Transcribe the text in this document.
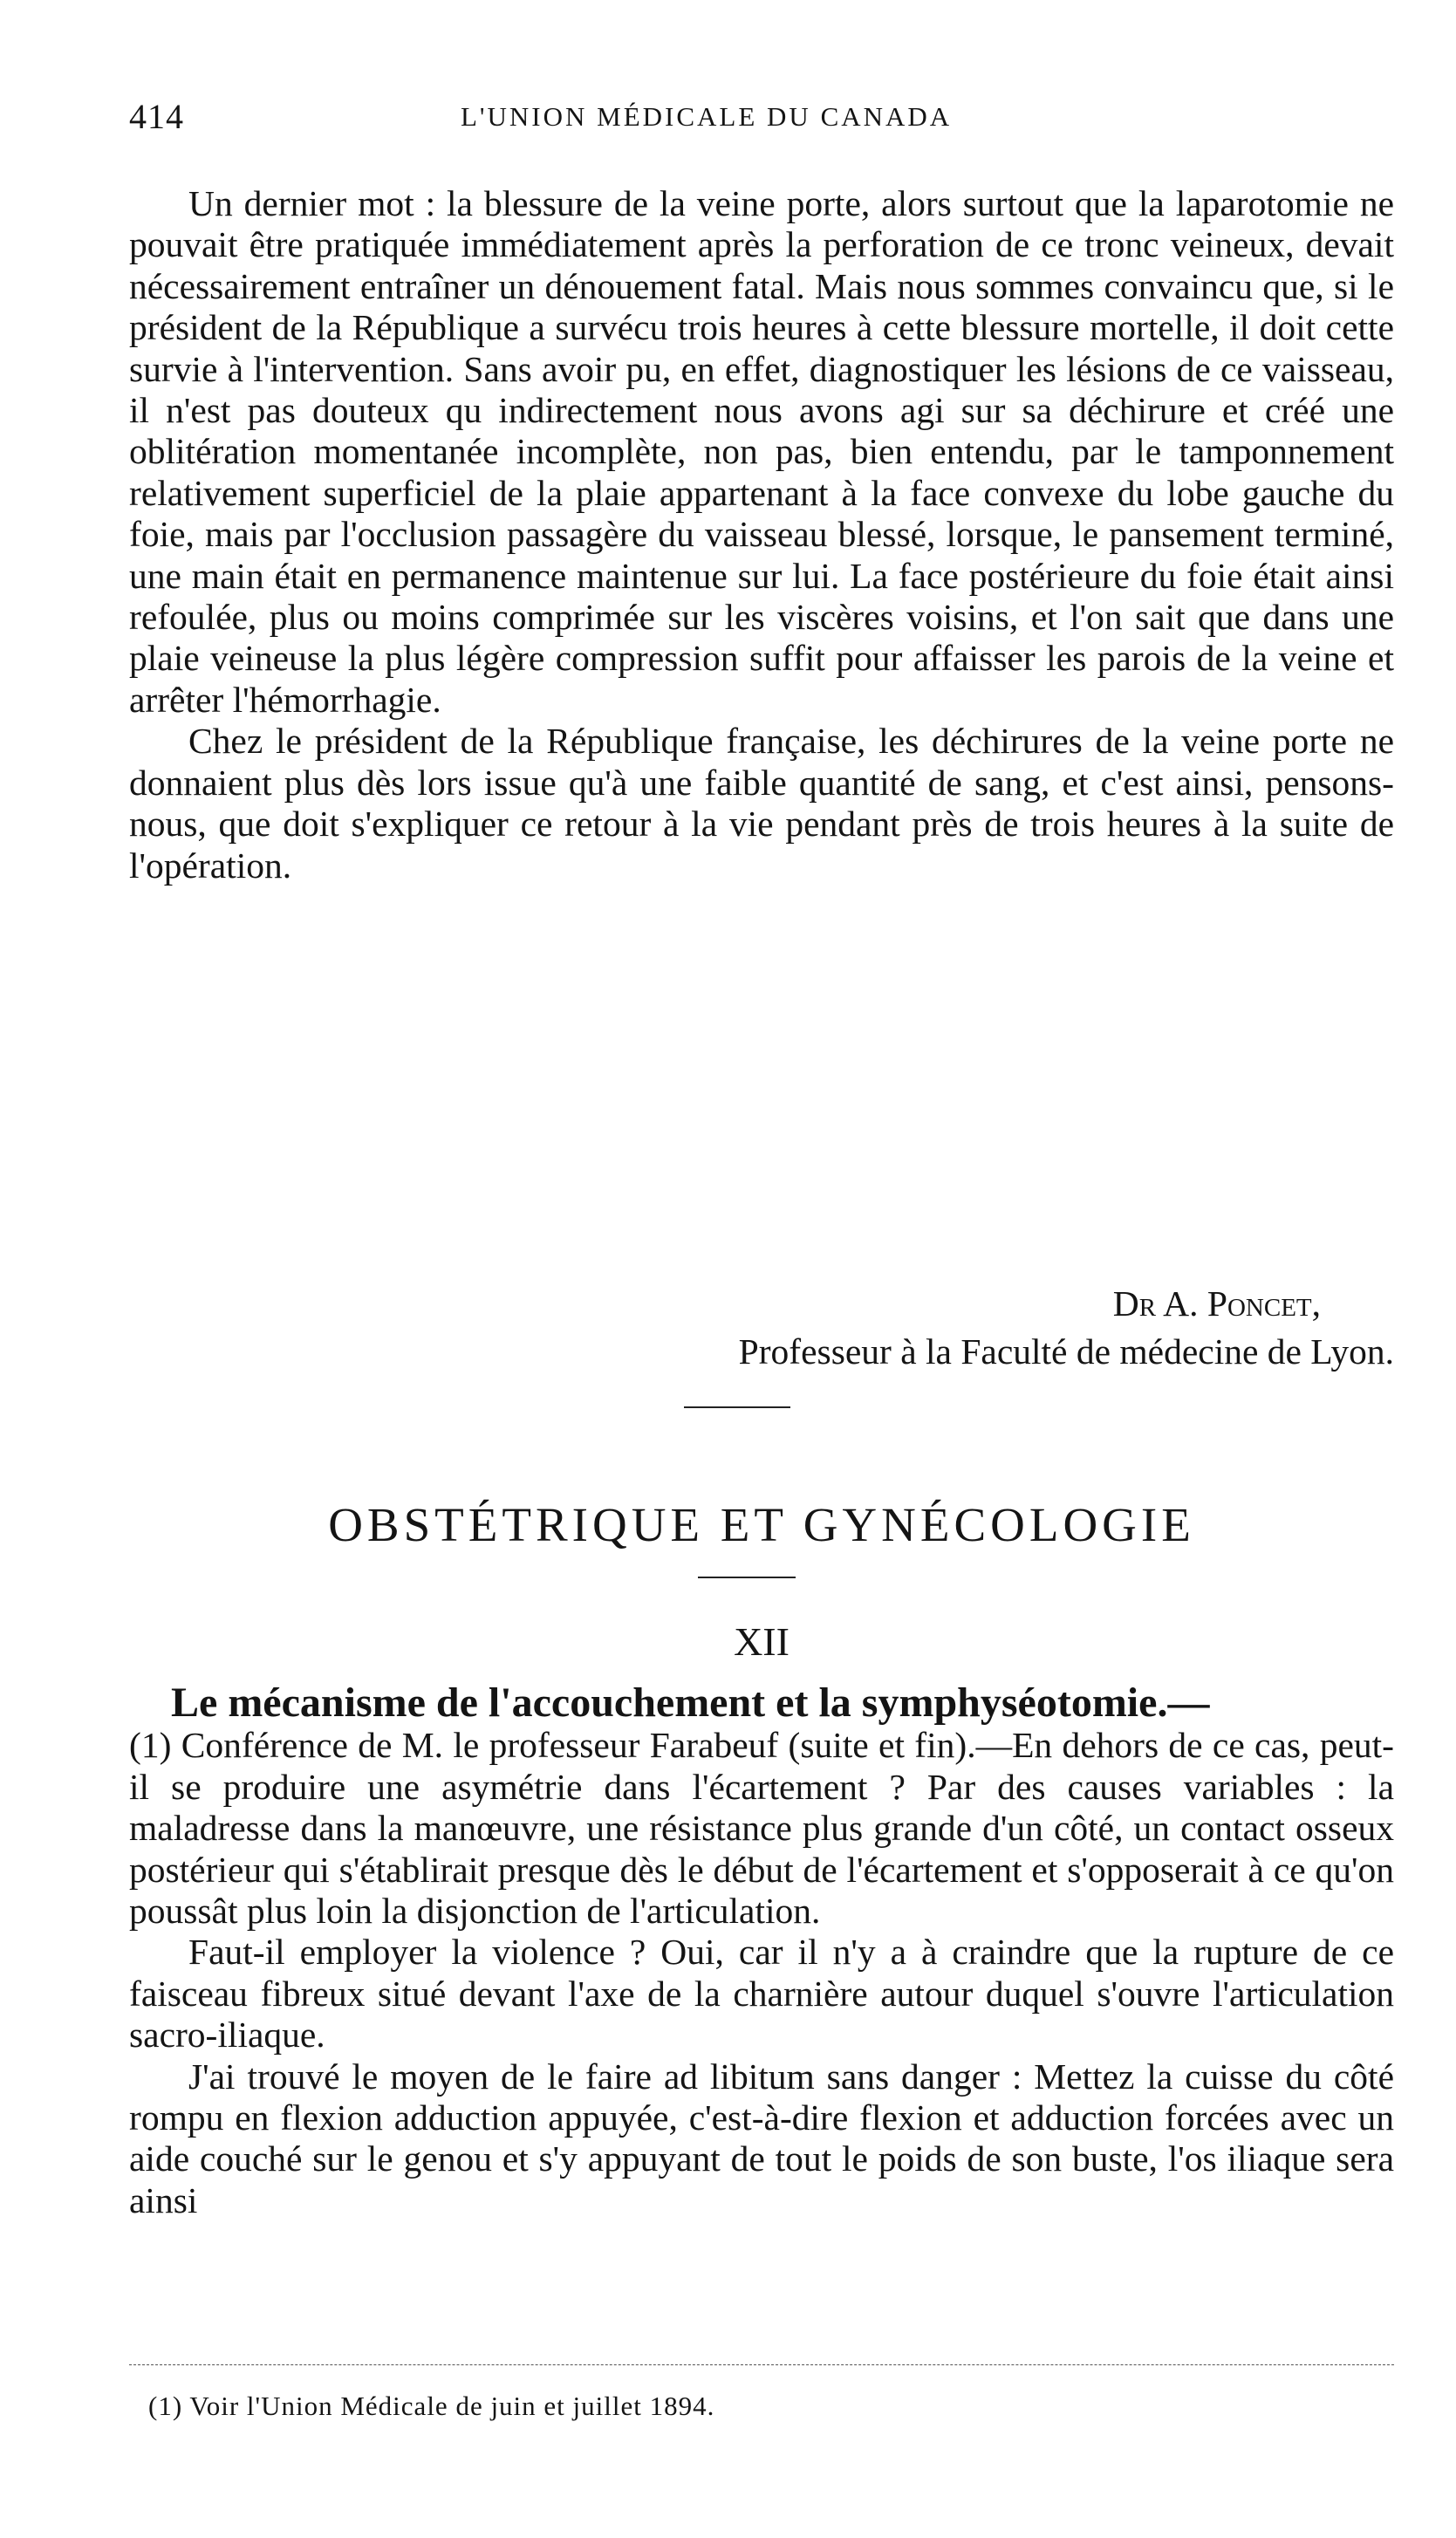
414	L'UNION MÉDICALE DU CANADA

Un dernier mot : la blessure de la veine porte, alors surtout que la laparotomie ne pouvait être pratiquée immédiatement après la perforation de ce tronc veineux, devait nécessairement entraîner un dénouement fatal. Mais nous sommes convaincu que, si le président de la République a survécu trois heures à cette blessure mortelle, il doit cette survie à l'intervention. Sans avoir pu, en effet, diagnostiquer les lésions de ce vaisseau, il n'est pas douteux qu indirectement nous avons agi sur sa déchirure et créé une oblitération momentanée incomplète, non pas, bien entendu, par le tamponnement relativement superficiel de la plaie appartenant à la face convexe du lobe gauche du foie, mais par l'occlusion passagère du vaisseau blessé, lorsque, le pansement terminé, une main était en permanence maintenue sur lui. La face postérieure du foie était ainsi refoulée, plus ou moins comprimée sur les viscères voisins, et l'on sait que dans une plaie veineuse la plus légère compression suffit pour affaisser les parois de la veine et arrêter l'hémorrhagie.

Chez le président de la République française, les déchirures de la veine porte ne donnaient plus dès lors issue qu'à une faible quantité de sang, et c'est ainsi, pensons-nous, que doit s'expliquer ce retour à la vie pendant près de trois heures à la suite de l'opération.

Dr A. Poncet,
Professeur à la Faculté de médecine de Lyon.
OBSTÉTRIQUE ET GYNÉCOLOGIE
XII

Le mécanisme de l'accouchement et la symphyséotomie.—
(1) Conférence de M. le professeur Farabeuf (suite et fin).—En dehors de ce cas, peut-il se produire une asymétrie dans l'écartement ? Par des causes variables : la maladresse dans la manœuvre, une résistance plus grande d'un côté, un contact osseux postérieur qui s'établirait presque dès le début de l'écartement et s'opposerait à ce qu'on poussât plus loin la disjonction de l'articulation.

Faut-il employer la violence ? Oui, car il n'y a à craindre que la rupture de ce faisceau fibreux situé devant l'axe de la charnière autour duquel s'ouvre l'articulation sacro-iliaque.

J'ai trouvé le moyen de le faire ad libitum sans danger : Mettez la cuisse du côté rompu en flexion adduction appuyée, c'est-à-dire flexion et adduction forcées avec un aide couché sur le genou et s'y appuyant de tout le poids de son buste, l'os iliaque sera ainsi

(1) Voir l'Union Médicale de juin et juillet 1894.
